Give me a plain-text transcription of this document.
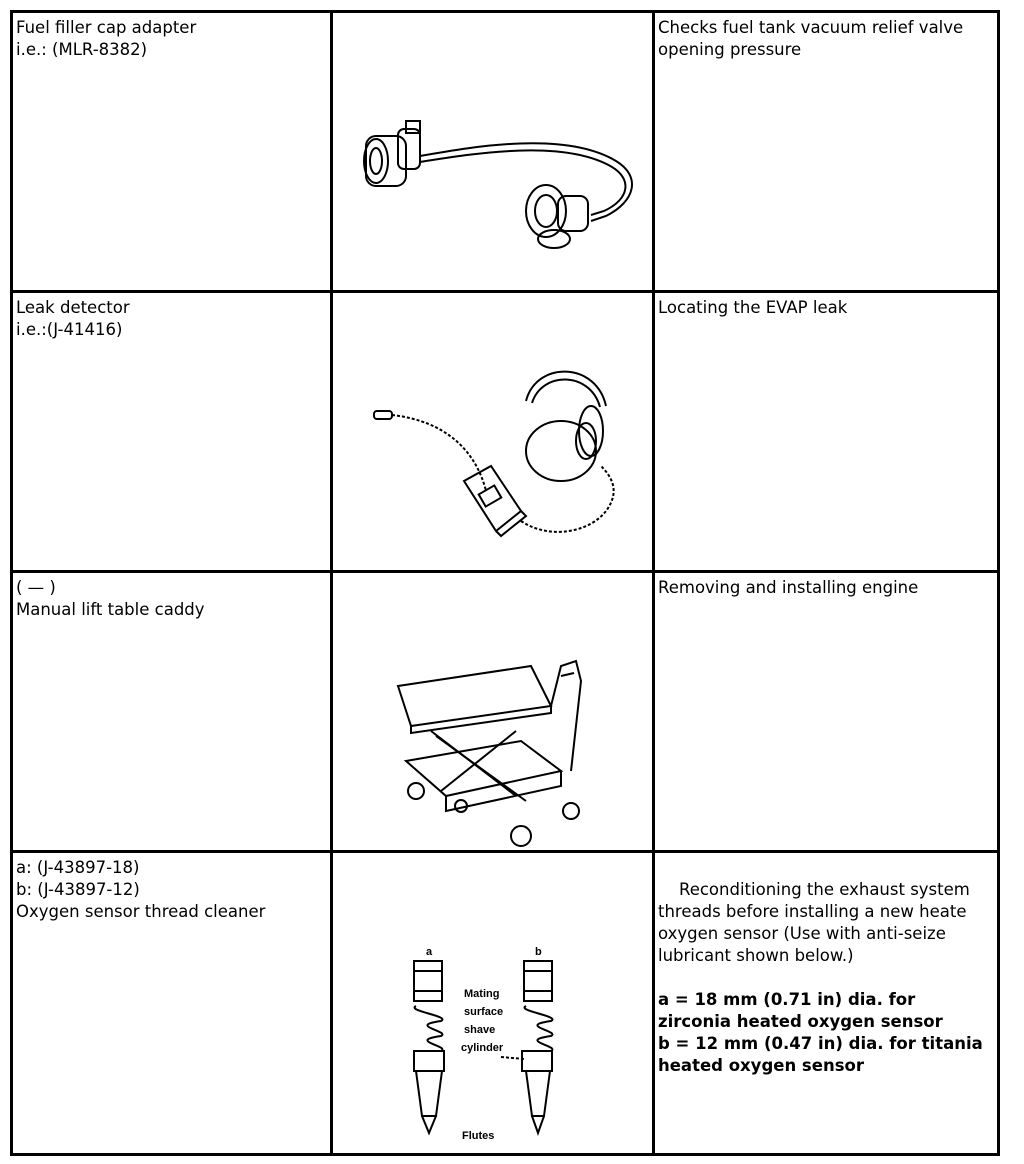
Fuel filler cap adapter
i.e.: (MLR-8382)

Checks fuel tank vacuum relief valve opening pressure
Leak detector
i.e.:(J-41416)

Locating the EVAP leak
( — )
Manual lift table caddy

Removing and installing engine
a: (J-43897-18)
b: (J-43897-12)
Oxygen sensor thread cleaner

a	b
Mating
surface
shave
cylinder
Flutes

Reconditioning the exhaust system threads before installing a new heate oxygen sensor (Use with anti-seize lubricant shown below.)

a = 18 mm (0.71 in) dia. for zirconia heated oxygen sensor
b = 12 mm (0.47 in) dia. for titania heated oxygen sensor
